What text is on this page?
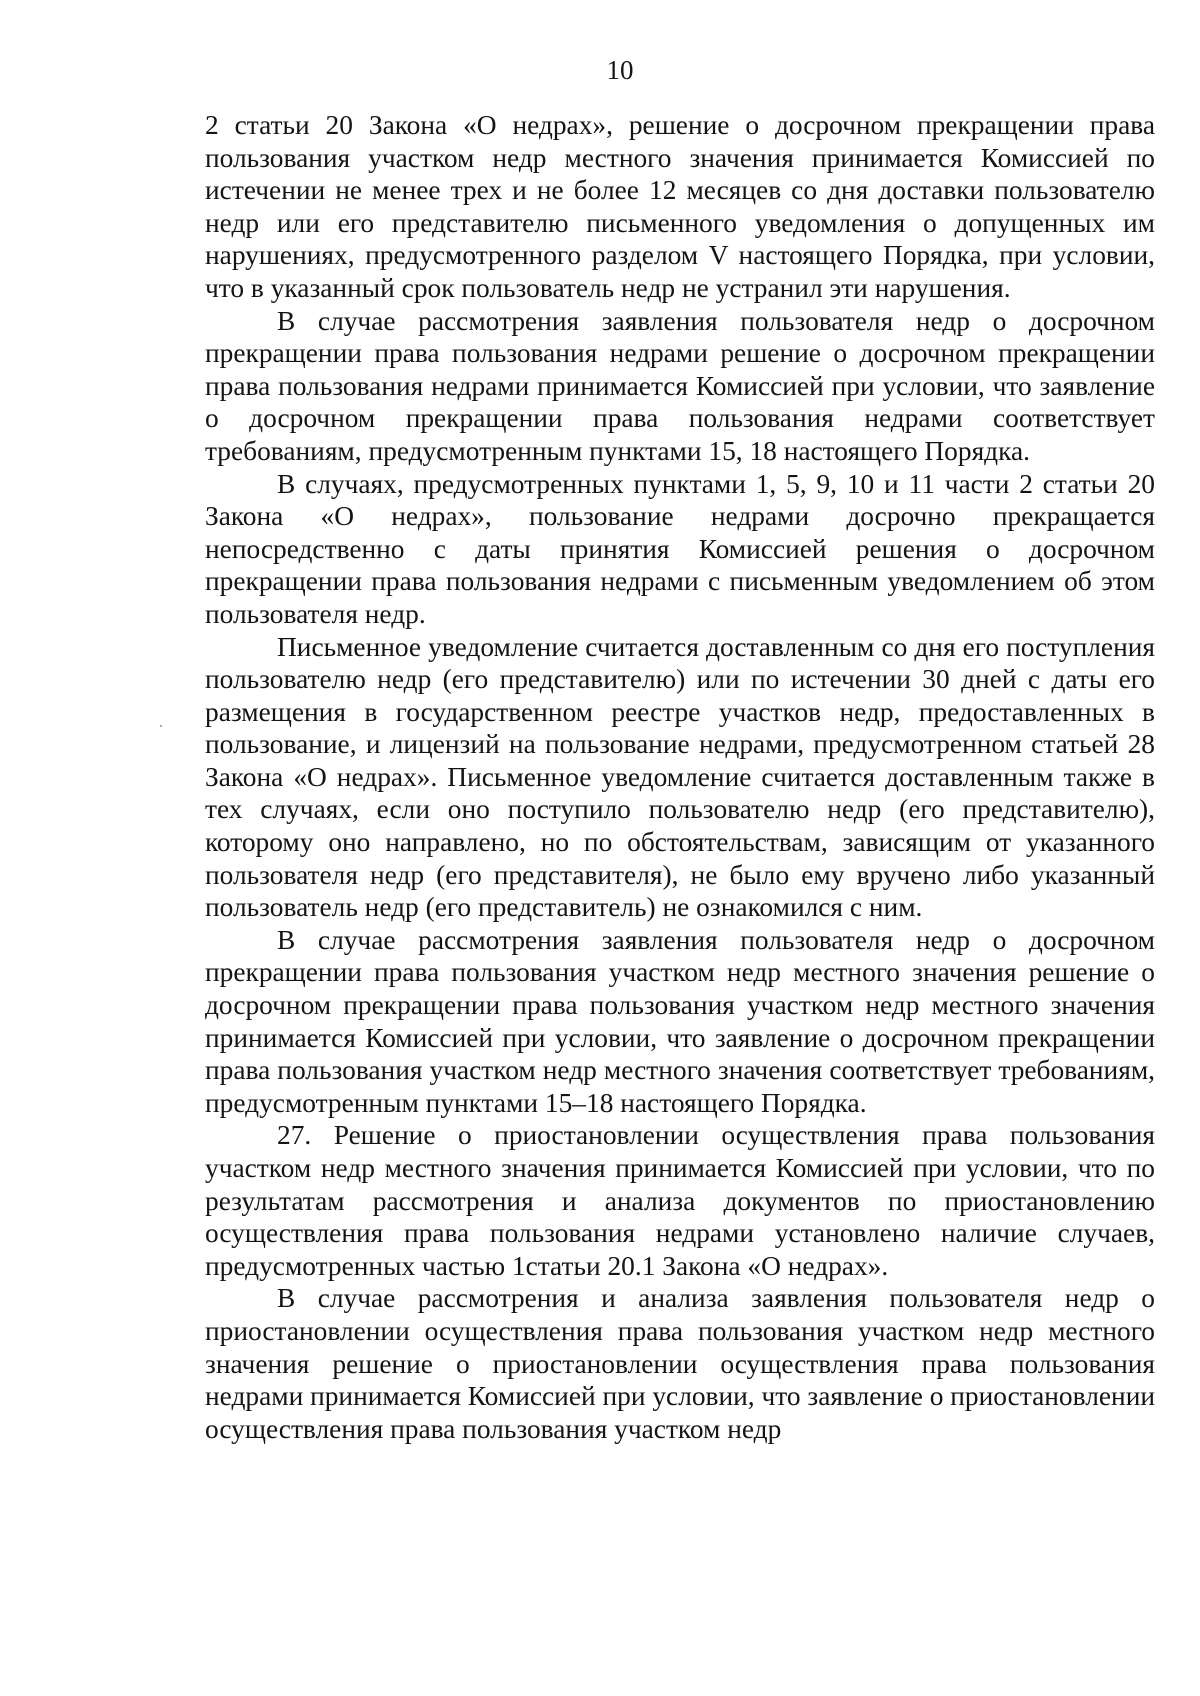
10

2 статьи 20 Закона «О недрах», решение о досрочном прекращении права пользования участком недр местного значения принимается Комиссией по истечении не менее трех и не более 12 месяцев со дня доставки пользователю недр или его представителю письменного уведомления о допущенных им нарушениях, предусмотренного разделом V настоящего Порядка, при условии, что в указанный срок пользователь недр не устранил эти нарушения.

В случае рассмотрения заявления пользователя недр о досрочном прекращении права пользования недрами решение о досрочном прекращении права пользования недрами принимается Комиссией при условии, что заявление о досрочном прекращении права пользования недрами соответствует требованиям, предусмотренным пунктами 15, 18 настоящего Порядка.

В случаях, предусмотренных пунктами 1, 5, 9, 10 и 11 части 2 статьи 20 Закона «О недрах», пользование недрами досрочно прекращается непосредственно с даты принятия Комиссией решения о досрочном прекращении права пользования недрами с письменным уведомлением об этом пользователя недр.

Письменное уведомление считается доставленным со дня его поступления пользователю недр (его представителю) или по истечении 30 дней с даты его размещения в государственном реестре участков недр, предоставленных в пользование, и лицензий на пользование недрами, предусмотренном статьей 28 Закона «О недрах». Письменное уведомление считается доставленным также в тех случаях, если оно поступило пользователю недр (его представителю), которому оно направлено, но по обстоятельствам, зависящим от указанного пользователя недр (его представителя), не было ему вручено либо указанный пользователь недр (его представитель) не ознакомился с ним.

В случае рассмотрения заявления пользователя недр о досрочном прекращении права пользования участком недр местного значения решение о досрочном прекращении права пользования участком недр местного значения принимается Комиссией при условии, что заявление о досрочном прекращении права пользования участком недр местного значения соответствует требованиям, предусмотренным пунктами 15–18 настоящего Порядка.

27. Решение о приостановлении осуществления права пользования участком недр местного значения принимается Комиссией при условии, что по результатам рассмотрения и анализа документов по приостановлению осуществления права пользования недрами установлено наличие случаев, предусмотренных частью 1статьи 20.1 Закона «О недрах».

В случае рассмотрения и анализа заявления пользователя недр о приостановлении осуществления права пользования участком недр местного значения решение о приостановлении осуществления права пользования недрами принимается Комиссией при условии, что заявление о приостановлении осуществления права пользования участком недр
